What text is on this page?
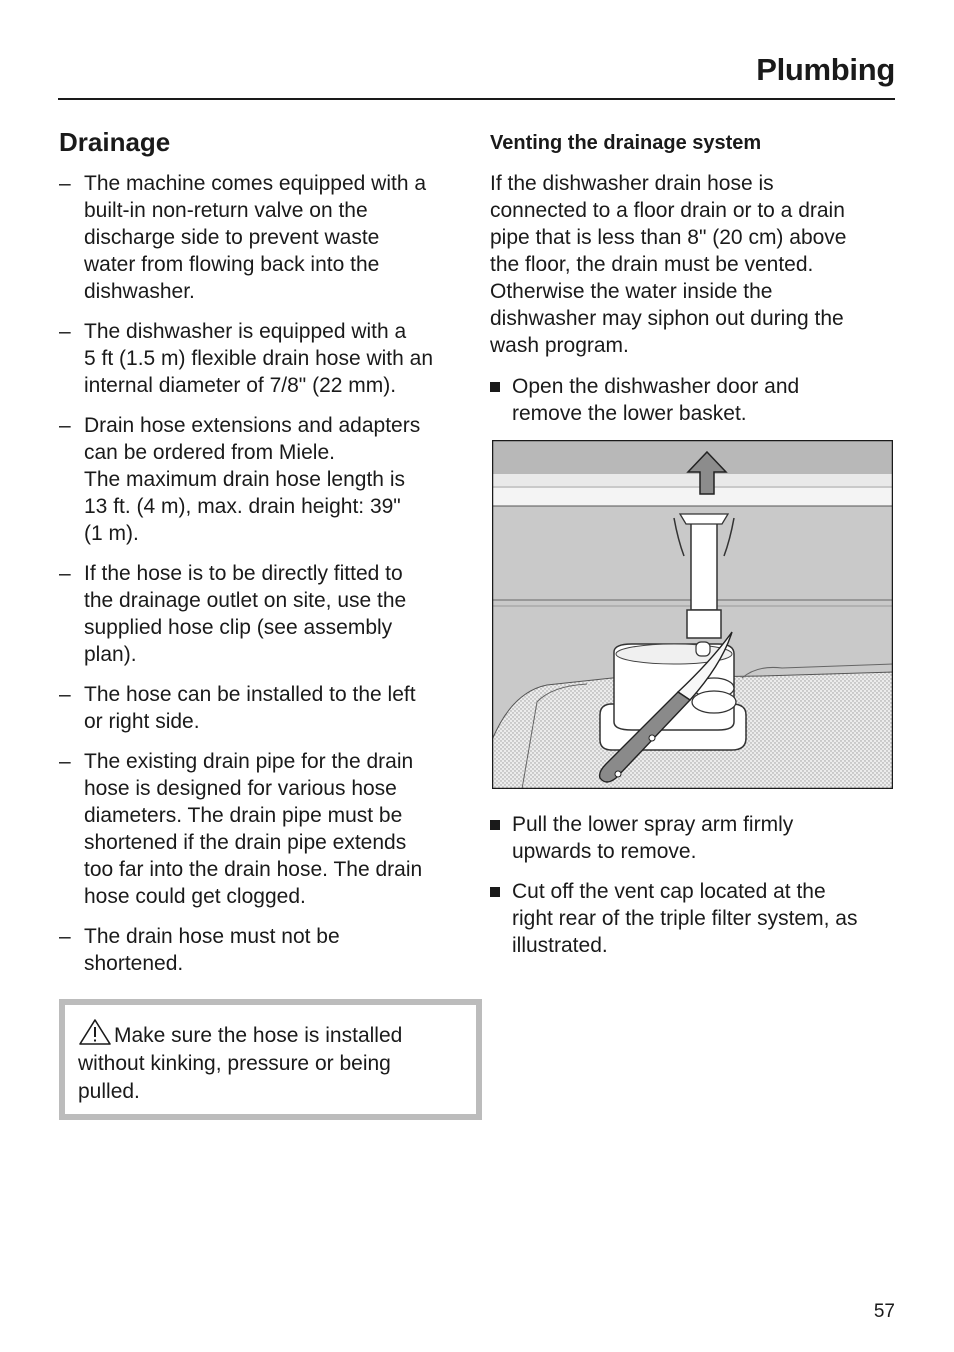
Plumbing
Drainage
– The machine comes equipped with a
built-in non-return valve on the
discharge side to prevent waste
water from flowing back into the
dishwasher.
– The dishwasher is equipped with a
5 ft (1.5 m) flexible drain hose with an
internal diameter of 7/8" (22 mm).
– Drain hose extensions and adapters
can be ordered from Miele.
The maximum drain hose length is
13 ft. (4 m), max. drain height: 39"
(1 m).
– If the hose is to be directly fitted to
the drainage outlet on site, use the
supplied hose clip (see assembly
plan).
– The hose can be installed to the left
or right side.
– The existing drain pipe for the drain
hose is designed for various hose
diameters. The drain pipe must be
shortened if the drain pipe extends
too far into the drain hose. The drain
hose could get clogged.
– The drain hose must not be
shortened.
Make sure the hose is installed
without kinking, pressure or being
pulled.
Venting the drainage system
If the dishwasher drain hose is
connected to a floor drain or to a drain
pipe that is less than 8" (20 cm) above
the floor, the drain must be vented.
Otherwise the water inside the
dishwasher may siphon out during the
wash program.
Open the dishwasher door and
remove the lower basket.
Pull the lower spray arm firmly
upwards to remove.
Cut off the vent cap located at the
right rear of the triple filter system, as
illustrated.
57
